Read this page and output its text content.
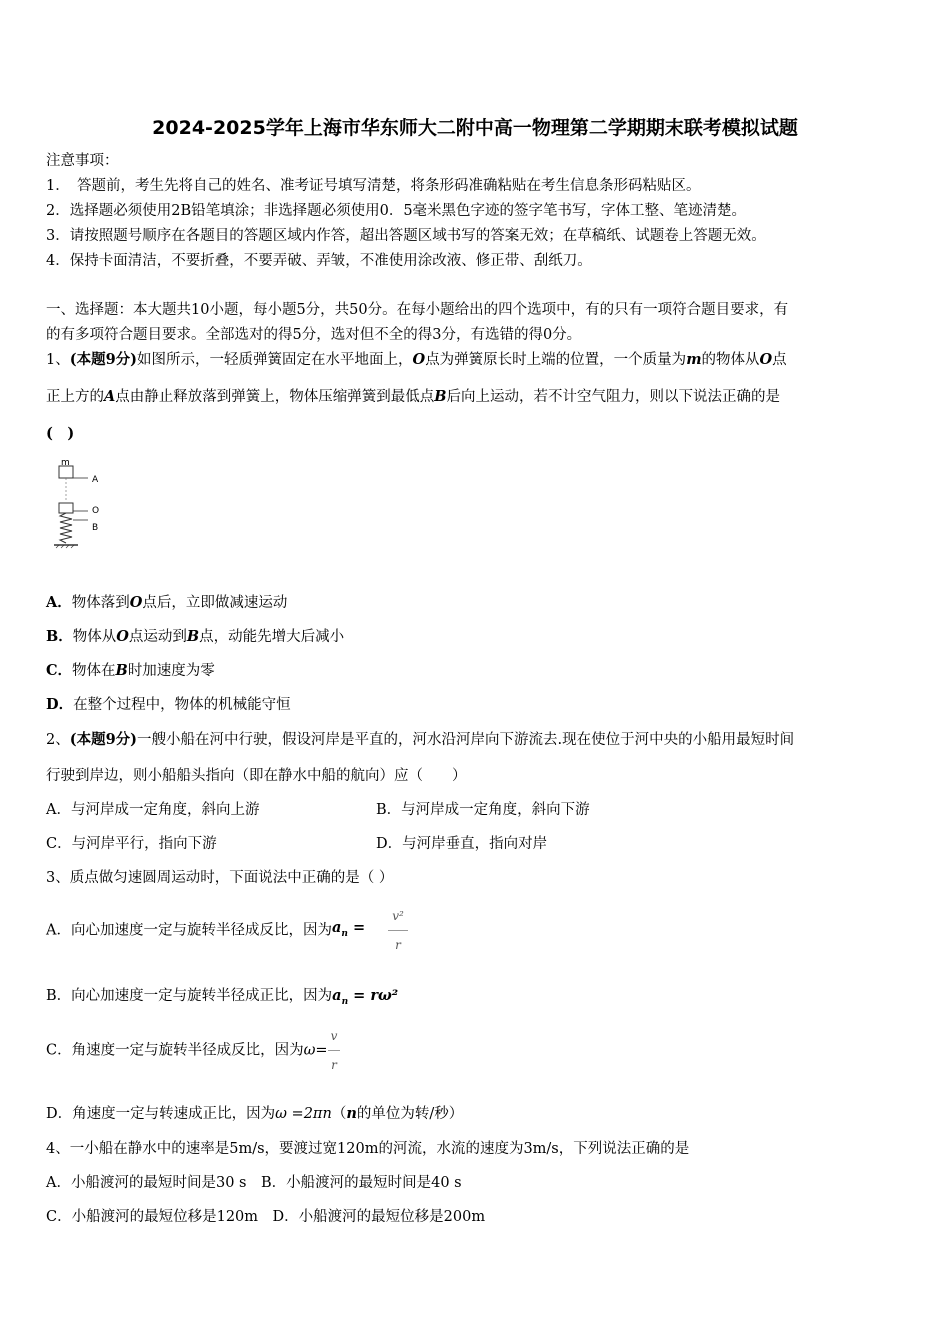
2024-2025学年上海市华东师大二附中高一物理第二学期期末联考模拟试题
注意事项：
1．　答题前，考生先将自己的姓名、准考证号填写清楚，将条形码准确粘贴在考生信息条形码粘贴区。
2．选择题必须使用2B铅笔填涂；非选择题必须使用0．5毫米黑色字迹的签字笔书写，字体工整、笔迹清楚。
3．请按照题号顺序在各题目的答题区域内作答，超出答题区域书写的答案无效；在草稿纸、试题卷上答题无效。
4．保持卡面清洁，不要折叠，不要弄破、弄皱，不准使用涂改液、修正带、刮纸刀。
一、选择题：本大题共10小题，每小题5分，共50分。在每小题给出的四个选项中，有的只有一项符合题目要求，有
的有多项符合题目要求。全部选对的得5分，选对但不全的得3分，有选错的得0分。
1、(本题9分)如图所示，一轻质弹簧固定在水平地面上，O点为弹簧原长时上端的位置，一个质量为m的物体从O点
正上方的A点由静止释放落到弹簧上，物体压缩弹簧到最低点B后向上运动，若不计空气阻力，则以下说法正确的是
(　)
m
A
O
B
A．物体落到O点后，立即做减速运动
B．物体从O点运动到B点，动能先增大后减小
C．物体在B时加速度为零
D．在整个过程中，物体的机械能守恒
2、(本题9分)一艘小船在河中行驶，假设河岸是平直的，河水沿河岸向下游流去.现在使位于河中央的小船用最短时间
行驶到岸边，则小船船头指向（即在静水中船的航向）应（　　）
A．与河岸成一定角度，斜向上游	B．与河岸成一定角度，斜向下游
C．与河岸平行，指向下游	D．与河岸垂直，指向对岸
3、质点做匀速圆周运动时，下面说法中正确的是（ ）
A．向心加速度一定与旋转半径成反比，因为$a_n = \frac{\text{v²}}{r}$
B．向心加速度一定与旋转半径成正比，因为$a_n = r\omega^2$
C．角速度一定与旋转半径成反比，因为$\omega= \frac{v}{r}$
D．角速度一定与转速成正比，因为ω =2πn（n的单位为转/秒）
4、一小船在静水中的速率是5m/s，要渡过宽120m的河流，水流的速度为3m/s，下列说法正确的是
A．小船渡河的最短时间是30 s　B．小船渡河的最短时间是40 s
C．小船渡河的最短位移是120m　D．小船渡河的最短位移是200m
